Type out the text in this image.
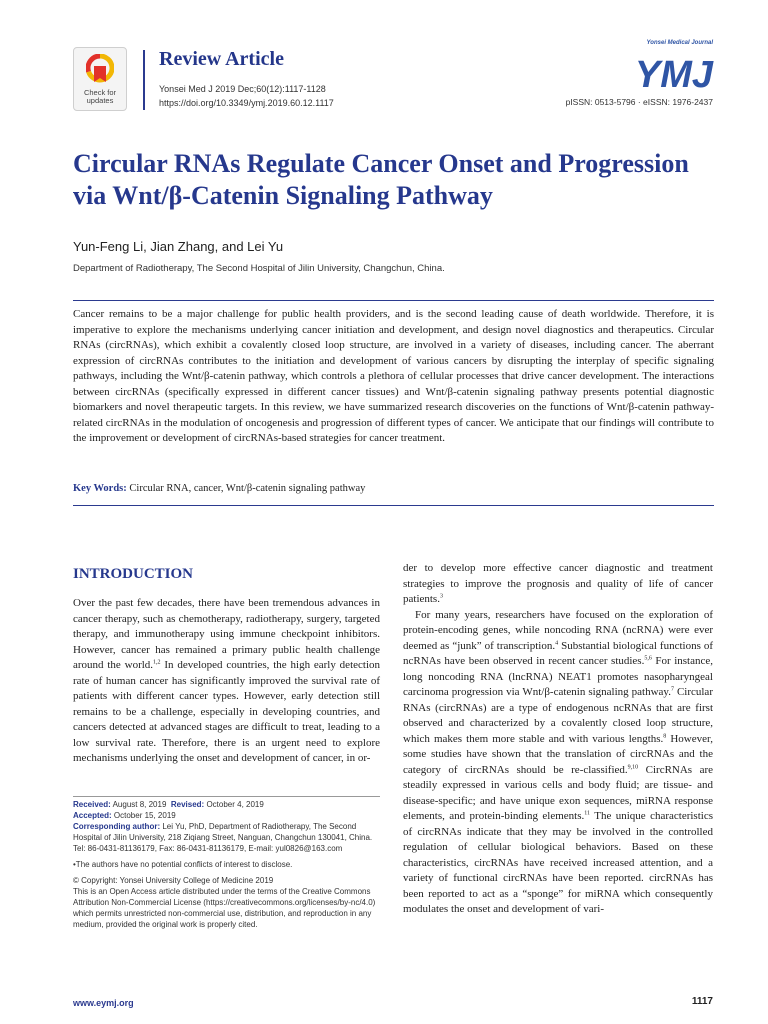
Check for
updates
Review Article
Yonsei Med J 2019 Dec;60(12):1117-1128
https://doi.org/10.3349/ymj.2019.60.12.1117
Yonsei Medical Journal
YMJ
pISSN: 0513-5796 · eISSN: 1976-2437
Circular RNAs Regulate Cancer Onset and Progression via Wnt/β-Catenin Signaling Pathway
Yun-Feng Li, Jian Zhang, and Lei Yu
Department of Radiotherapy, The Second Hospital of Jilin University, Changchun, China.

Cancer remains to be a major challenge for public health providers, and is the second leading cause of death worldwide. Therefore, it is imperative to explore the mechanisms underlying cancer initiation and development, and design novel diagnostics and therapeutics. Circular RNAs (circRNAs), which exhibit a covalently closed loop structure, are involved in a variety of diseases, including cancer. The aberrant expression of circRNAs contributes to the initiation and development of various cancers by disrupting the interplay of specific signaling pathways, including the Wnt/β-catenin pathway, which controls a plethora of cellular processes that drive cancer development. The interactions between circRNAs (specifically expressed in different cancer tissues) and Wnt/β-catenin signaling pathway presents potential diagnostic biomarkers and novel therapeutic targets. In this review, we have summarized research discoveries on the functions of Wnt/β-catenin pathway-related circRNAs in the modulation of oncogenesis and progression of different types of cancer. We anticipate that our findings will contribute to the improvement or development of circRNAs-based strategies for cancer treatment.

Key Words: Circular RNA, cancer, Wnt/β-catenin signaling pathway
INTRODUCTION

Over the past few decades, there have been tremendous advances in cancer therapy, such as chemotherapy, radiotherapy, surgery, targeted therapy, and immunotherapy using immune checkpoint inhibitors. However, cancer has remained a primary public health challenge around the world.$^{1,2}$ In developed countries, the high early detection rate of human cancer has significantly improved the survival rate of patients with different cancer types. However, early detection still remains to be a challenge, especially in developing countries, and cancers detected at advanced stages are difficult to treat, leading to a low survival rate. Therefore, there is an urgent need to explore mechanisms underlying the onset and development of cancer, in or-

der to develop more effective cancer diagnostic and treatment strategies to improve the prognosis and quality of life of cancer patients.$^3$

For many years, researchers have focused on the exploration of protein-encoding genes, while noncoding RNA (ncRNA) were ever deemed as “junk” of transcription.$^4$ Substantial biological functions of ncRNAs have been observed in recent cancer studies.$^{5,6}$ For instance, long noncoding RNA (lncRNA) NEAT1 promotes nasopharyngeal carcinoma progression via Wnt/β-catenin signaling pathway.$^7$ Circular RNAs (circRNAs) are a type of endogenous ncRNAs that are first observed and characterized by a covalently closed loop structure, which makes them more stable and with various lengths.$^8$ However, some studies have shown that the translation of circRNAs and the category of circRNAs should be re-classified.$^{9,10}$ CircRNAs are steadily expressed in various cells and body fluid; are tissue- and disease-specific; and have unique exon sequences, miRNA response elements, and protein-binding elements.$^{11}$ The unique characteristics of circRNAs indicate that they may be involved in the controlled regulation of cellular biological behaviors. Based on these characteristics, circRNAs have received increased attention, and a variety of functional circRNAs have been reported. circRNAs has been reported to act as a “sponge” for miRNA which consequently modulates the onset and development of vari-

Received: August 8, 2019 Revised: October 4, 2019
Accepted: October 15, 2019
Corresponding author: Lei Yu, PhD, Department of Radiotherapy, The Second Hospital of Jilin University, 218 Ziqiang Street, Nanguan, Changchun 130041, China. Tel: 86-0431-81136179, Fax: 86-0431-81136179, E-mail: yul0826@163.com
•The authors have no potential conflicts of interest to disclose.
© Copyright: Yonsei University College of Medicine 2019
This is an Open Access article distributed under the terms of the Creative Commons Attribution Non-Commercial License (https://creativecommons.org/licenses/by-nc/4.0) which permits unrestricted non-commercial use, distribution, and reproduction in any medium, provided the original work is properly cited.
www.eymj.org	1117
